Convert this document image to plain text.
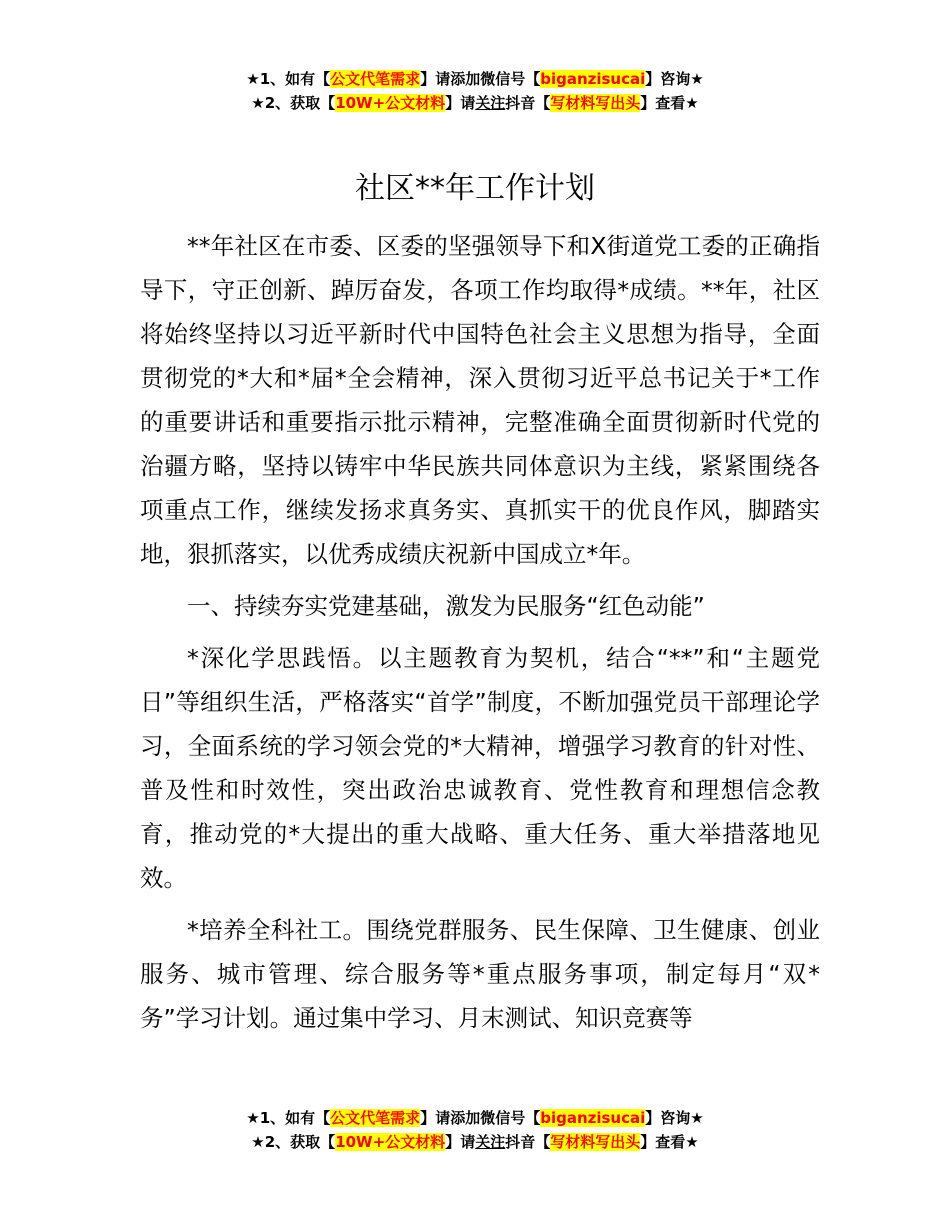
★1、如有【公文代笔需求】请添加微信号【biganzisucai】咨询★
★2、获取【10W+公文材料】请关注抖音【写材料写出头】查看★
社区**年工作计划

**年社区在市委、区委的坚强领导下和X街道党工委的正确指导下，守正创新、踔厉奋发，各项工作均取得*成绩。**年，社区将始终坚持以习近平新时代中国特色社会主义思想为指导，全面贯彻党的*大和*届*全会精神，深入贯彻习近平总书记关于*工作的重要讲话和重要指示批示精神，完整准确全面贯彻新时代党的治疆方略，坚持以铸牢中华民族共同体意识为主线，紧紧围绕各项重点工作，继续发扬求真务实、真抓实干的优良作风，脚踏实地，狠抓落实，以优秀成绩庆祝新中国成立*年。

一、持续夯实党建基础，激发为民服务“红色动能”

*深化学思践悟。以主题教育为契机，结合“**”和“主题党日”等组织生活，严格落实“首学”制度，不断加强党员干部理论学习，全面系统的学习领会党的*大精神，增强学习教育的针对性、普及性和时效性，突出政治忠诚教育、党性教育和理想信念教育，推动党的*大提出的重大战略、重大任务、重大举措落地见效。

*培养全科社工。围绕党群服务、民生保障、卫生健康、创业服务、城市管理、综合服务等*重点服务事项，制定每月“双*务”学习计划。通过集中学习、月末测试、知识竞赛等

★1、如有【公文代笔需求】请添加微信号【biganzisucai】咨询★
★2、获取【10W+公文材料】请关注抖音【写材料写出头】查看★
